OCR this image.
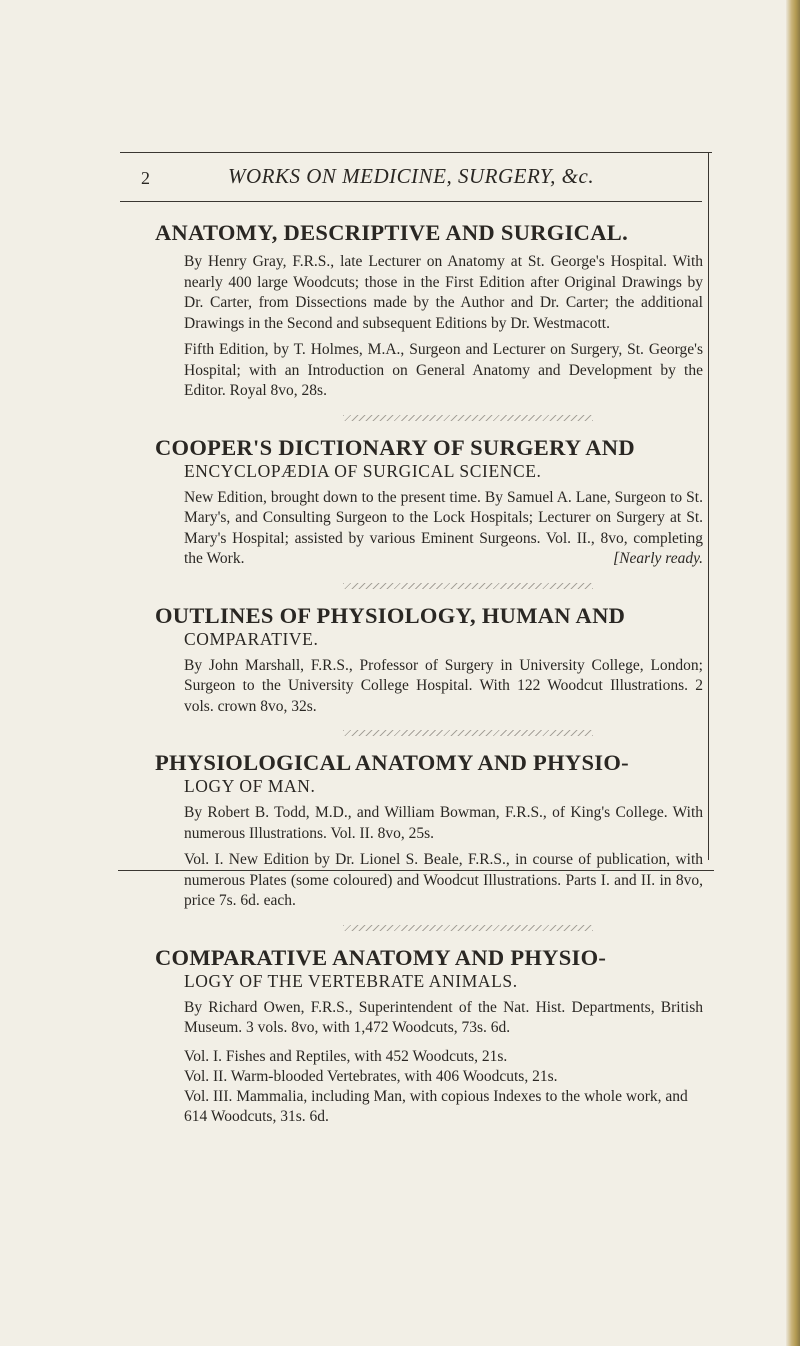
2	WORKS ON MEDICINE, SURGERY, &c.
ANATOMY, DESCRIPTIVE AND SURGICAL.

By Henry Gray, F.R.S., late Lecturer on Anatomy at St. George's Hospital. With nearly 400 large Woodcuts; those in the First Edition after Original Drawings by Dr. Carter, from Dissections made by the Author and Dr. Carter; the additional Drawings in the Second and subsequent Editions by Dr. Westmacott.

Fifth Edition, by T. Holmes, M.A., Surgeon and Lecturer on Surgery, St. George's Hospital; with an Introduction on General Anatomy and Development by the Editor. Royal 8vo, 28s.

COOPER'S DICTIONARY OF SURGERY AND
ENCYCLOPÆDIA OF SURGICAL SCIENCE.

New Edition, brought down to the present time. By Samuel A. Lane, Surgeon to St. Mary's, and Consulting Surgeon to the Lock Hospitals; Lecturer on Surgery at St. Mary's Hospital; assisted by various Eminent Surgeons. Vol. II., 8vo, completing the Work.	[Nearly ready.

OUTLINES OF PHYSIOLOGY, HUMAN AND
COMPARATIVE.

By John Marshall, F.R.S., Professor of Surgery in University College, London; Surgeon to the University College Hospital. With 122 Woodcut Illustrations. 2 vols. crown 8vo, 32s.

PHYSIOLOGICAL ANATOMY AND PHYSIO-
LOGY OF MAN.

By Robert B. Todd, M.D., and William Bowman, F.R.S., of King's College. With numerous Illustrations. Vol. II. 8vo, 25s.

Vol. I. New Edition by Dr. Lionel S. Beale, F.R.S., in course of publication, with numerous Plates (some coloured) and Woodcut Illustrations. Parts I. and II. in 8vo, price 7s. 6d. each.

COMPARATIVE ANATOMY AND PHYSIO-
LOGY OF THE VERTEBRATE ANIMALS.

By Richard Owen, F.R.S., Superintendent of the Nat. Hist. Departments, British Museum. 3 vols. 8vo, with 1,472 Woodcuts, 73s. 6d.

Vol. I. Fishes and Reptiles, with 452 Woodcuts, 21s.
Vol. II. Warm-blooded Vertebrates, with 406 Woodcuts, 21s.
Vol. III. Mammalia, including Man, with copious Indexes to the whole work, and 614 Woodcuts, 31s. 6d.
